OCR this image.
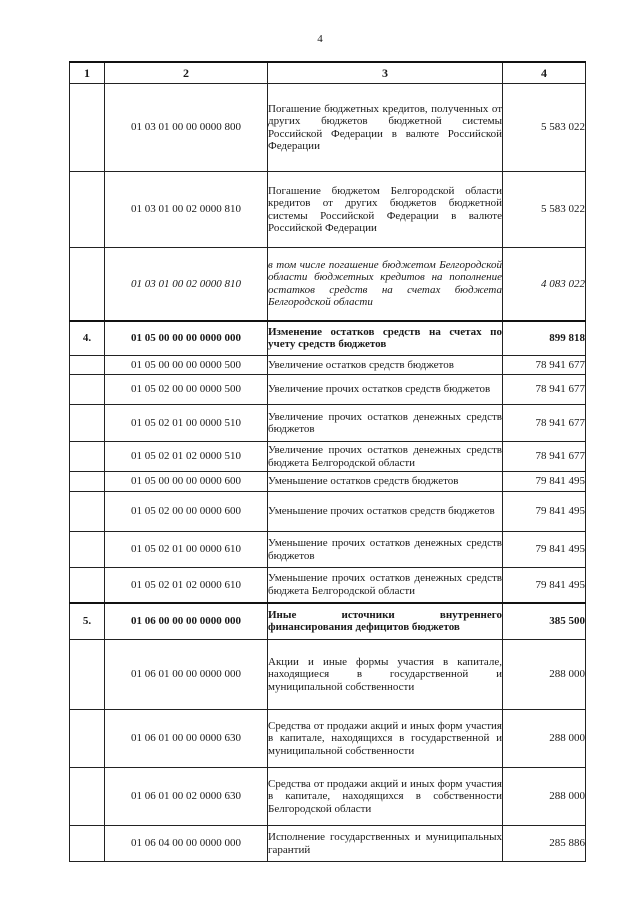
4
1	2	3	4
	01 03 01 00 00 0000 800	Погашение бюджетных кредитов, полученных от других бюджетов бюджетной системы Российской Федерации в валюте Российской Федерации	5 583 022
	01 03 01 00 02 0000 810	Погашение бюджетом Белгородской области кредитов от других бюджетов бюджетной системы Российской Федерации в валюте Российской Федерации	5 583 022
	01 03 01 00 02 0000 810	в том числе погашение бюджетом Белгородской области бюджетных кредитов на пополнение остатков средств на счетах бюджета Белгородской области	4 083 022
4.	01 05 00 00 00 0000 000	Изменение остатков средств на счетах по учету средств бюджетов	899 818
	01 05 00 00 00 0000 500	Увеличение остатков средств бюджетов	78 941 677
	01 05 02 00 00 0000 500	Увеличение прочих остатков средств бюджетов	78 941 677
	01 05 02 01 00 0000 510	Увеличение прочих остатков денежных средств бюджетов	78 941 677
	01 05 02 01 02 0000 510	Увеличение прочих остатков денежных средств бюджета Белгородской области	78 941 677
	01 05 00 00 00 0000 600	Уменьшение остатков средств бюджетов	79 841 495
	01 05 02 00 00 0000 600	Уменьшение прочих остатков средств бюджетов	79 841 495
	01 05 02 01 00 0000 610	Уменьшение прочих остатков денежных средств бюджетов	79 841 495
	01 05 02 01 02 0000 610	Уменьшение прочих остатков денежных средств бюджета Белгородской области	79 841 495
5.	01 06 00 00 00 0000 000	Иные источники внутреннего финансирования дефицитов бюджетов	385 500
	01 06 01 00 00 0000 000	Акции и иные формы участия в капитале, находящиеся в государственной и муниципальной собственности	288 000
	01 06 01 00 00 0000 630	Средства от продажи акций и иных форм участия в капитале, находящихся в государственной и муниципальной собственности	288 000
	01 06 01 00 02 0000 630	Средства от продажи акций и иных форм участия в капитале, находящихся в собственности Белгородской области	288 000
	01 06 04 00 00 0000 000	Исполнение государственных и муниципальных гарантий	285 886
